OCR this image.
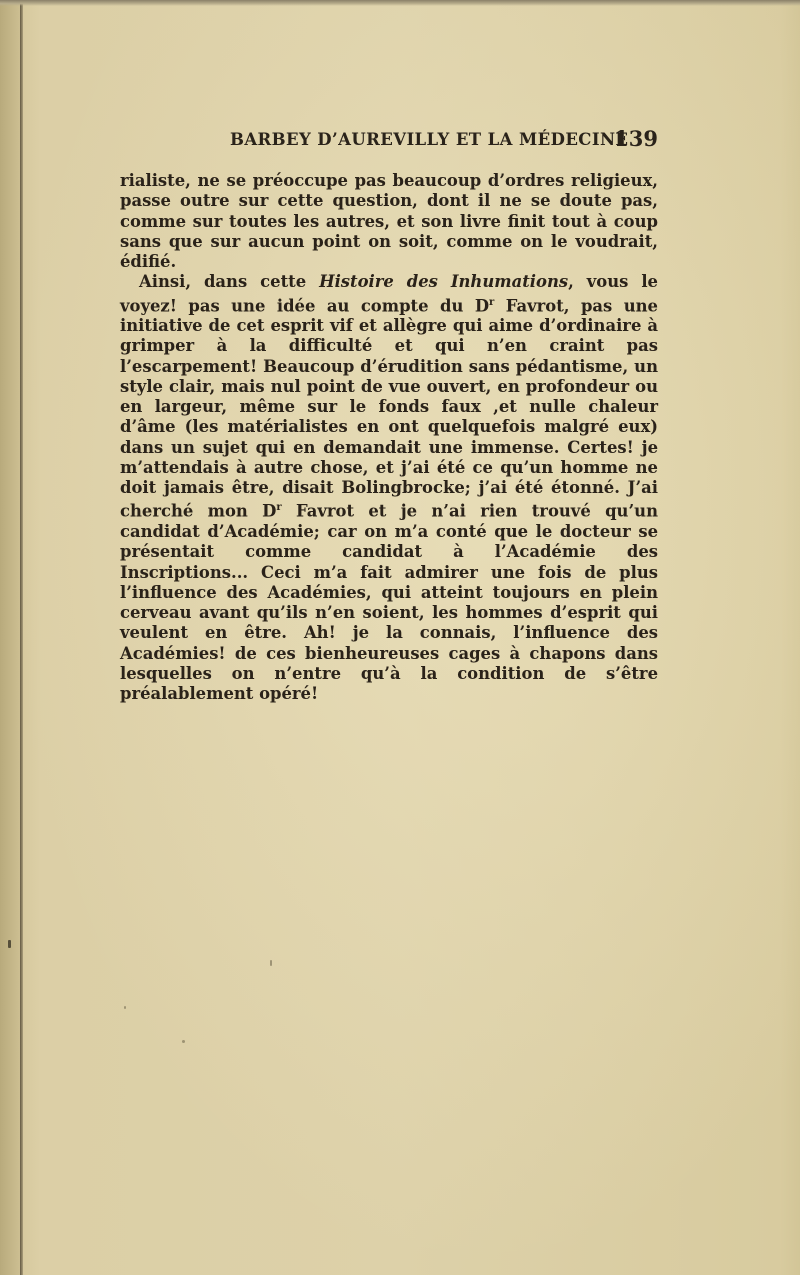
BARBEY D’AUREVILLY ET LA MÉDECINE
139

rialiste, ne se préoccupe pas beaucoup d’ordres religieux, passe outre sur cette question, dont il ne se doute pas, comme sur toutes les autres, et son livre finit tout à coup sans que sur aucun point on soit, comme on le voudrait, édifié.

Ainsi, dans cette Histoire des Inhumations, vous le voyez! pas une idée au compte du $D^r$ Favrot, pas une initiative de cet esprit vif et allègre qui aime d’ordinaire à grimper à la difficulté et qui n’en craint pas l’escarpement! Beaucoup d’érudition sans pédantisme, un style clair, mais nul point de vue ouvert, en profondeur ou en largeur, même sur le fonds faux ,et nulle chaleur d’âme (les matérialistes en ont quelquefois malgré eux) dans un sujet qui en demandait une immense. Certes! je m’attendais à autre chose, et j’ai été ce qu’un homme ne doit jamais être, disait Bolingbrocke; j’ai été étonné. J’ai cherché mon $D^r$ Favrot et je n’ai rien trouvé qu’un candidat d’Académie; car on m’a conté que le docteur se présentait comme candidat à l’Académie des Inscriptions... Ceci m’a fait admirer une fois de plus l’influence des Académies, qui atteint toujours en plein cerveau avant qu’ils n’en soient, les hommes d’esprit qui veulent en être. Ah! je la connais, l’influence des Académies! de ces bienheureuses cages à chapons dans lesquelles on n’entre qu’à la condition de s’être préalablement opéré!
